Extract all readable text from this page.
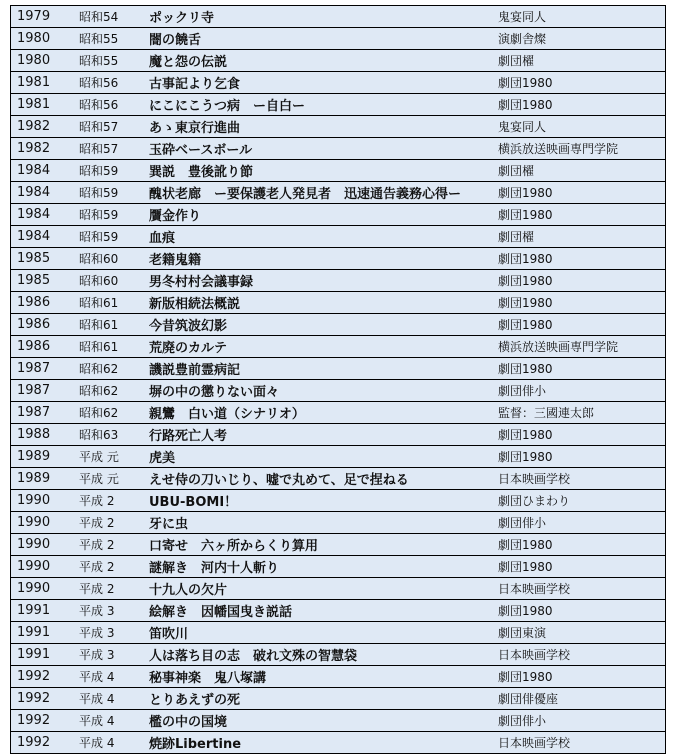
1979	昭和54	ポックリ寺	鬼宴同人
1980	昭和55	闇の饒舌	演劇舎燦
1980	昭和55	魔と怨の伝説	劇団櫂
1981	昭和56	古事記より乞食	劇団1980
1981	昭和56	にこにこうつ病　ー自白ー	劇団1980
1982	昭和57	あゝ東京行進曲	鬼宴同人
1982	昭和57	玉砕ベースボール	横浜放送映画専門学院
1984	昭和59	巽説　豊後訛り節	劇団櫂
1984	昭和59	醜状老廊　ー要保護老人発見者　迅速通告義務心得ー	劇団1980
1984	昭和59	贋金作り	劇団1980
1984	昭和59	血痕	劇団櫂
1985	昭和60	老籍鬼籍	劇団1980
1985	昭和60	男冬村村会議事録	劇団1980
1986	昭和61	新版相続法概説	劇団1980
1986	昭和61	今昔筑波幻影	劇団1980
1986	昭和61	荒廃のカルテ	横浜放送映画専門学院
1987	昭和62	譏説豊前霊病記	劇団1980
1987	昭和62	塀の中の懲りない面々	劇団俳小
1987	昭和62	親鸞　白い道（シナリオ）	監督：三國連太郎
1988	昭和63	行路死亡人考	劇団1980
1989	平成 元	虎美	劇団1980
1989	平成 元	えせ侍の刀いじり、嘘で丸めて、足で捏ねる	日本映画学校
1990	平成 2	UBU-BOMI！	劇団ひまわり
1990	平成 2	牙に虫	劇団俳小
1990	平成 2	口寄せ　六ヶ所からくり算用	劇団1980
1990	平成 2	謎解き　河内十人斬り	劇団1980
1990	平成 2	十九人の欠片	日本映画学校
1991	平成 3	絵解き　因幡国曳き説話	劇団1980
1991	平成 3	笛吹川	劇団東演
1991	平成 3	人は落ち目の志　破れ文殊の智慧袋	日本映画学校
1992	平成 4	秘事神楽　鬼八塚講	劇団1980
1992	平成 4	とりあえずの死	劇団俳優座
1992	平成 4	檻の中の国境	劇団俳小
1992	平成 4	焼跡Libertine	日本映画学校
